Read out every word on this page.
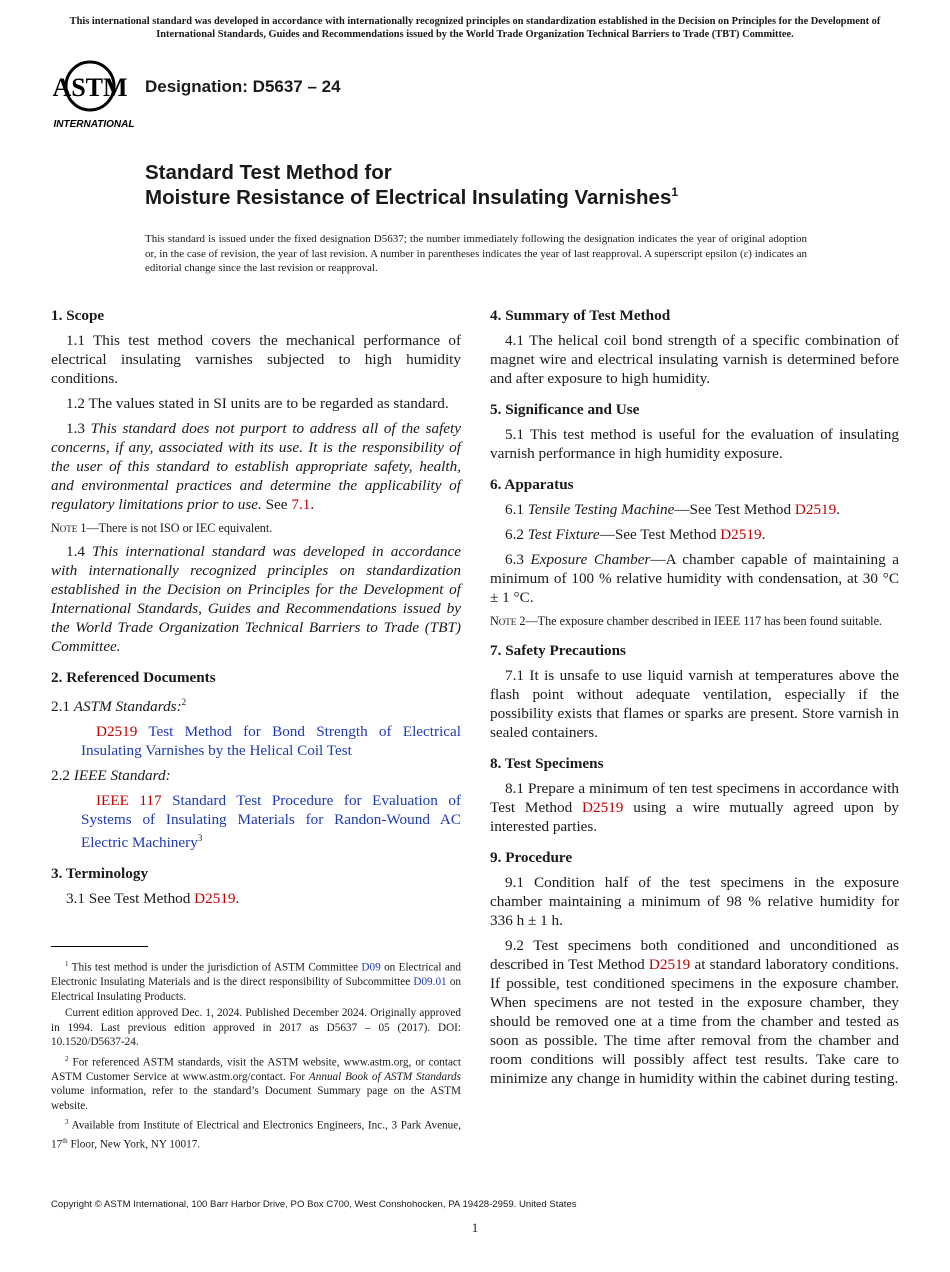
This international standard was developed in accordance with internationally recognized principles on standardization established in the Decision on Principles for the Development of International Standards, Guides and Recommendations issued by the World Trade Organization Technical Barriers to Trade (TBT) Committee.
ASTM
INTERNATIONAL
Designation: D5637 – 24
Standard Test Method for
Moisture Resistance of Electrical Insulating Varnishes$^1$
This standard is issued under the fixed designation D5637; the number immediately following the designation indicates the year of original adoption or, in the case of revision, the year of last revision. A number in parentheses indicates the year of last reapproval. A superscript epsilon (ε) indicates an editorial change since the last revision or reapproval.
1. Scope

1.1 This test method covers the mechanical performance of electrical insulating varnishes subjected to high humidity conditions.

1.2 The values stated in SI units are to be regarded as standard.

1.3 This standard does not purport to address all of the safety concerns, if any, associated with its use. It is the responsibility of the user of this standard to establish appropriate safety, health, and environmental practices and determine the applicability of regulatory limitations prior to use. See 7.1.

Note 1—There is not ISO or IEC equivalent.

1.4 This international standard was developed in accordance with internationally recognized principles on standardization established in the Decision on Principles for the Development of International Standards, Guides and Recommendations issued by the World Trade Organization Technical Barriers to Trade (TBT) Committee.

2. Referenced Documents

2.1 ASTM Standards:$^2$

D2519 Test Method for Bond Strength of Electrical Insulating Varnishes by the Helical Coil Test

2.2 IEEE Standard:

IEEE 117 Standard Test Procedure for Evaluation of Systems of Insulating Materials for Randon-Wound AC Electric Machinery$^3$

3. Terminology

3.1 See Test Method D2519.

$^1$ This test method is under the jurisdiction of ASTM Committee D09 on Electrical and Electronic Insulating Materials and is the direct responsibility of Subcommittee D09.01 on Electrical Insulating Products.

Current edition approved Dec. 1, 2024. Published December 2024. Originally approved in 1994. Last previous edition approved in 2017 as D5637 – 05 (2017). DOI: 10.1520/D5637-24.

$^2$ For referenced ASTM standards, visit the ASTM website, www.astm.org, or contact ASTM Customer Service at www.astm.org/contact. For Annual Book of ASTM Standards volume information, refer to the standard’s Document Summary page on the ASTM website.

$^3$ Available from Institute of Electrical and Electronics Engineers, Inc., 3 Park Avenue, 17th Floor, New York, NY 10017.

4. Summary of Test Method

4.1 The helical coil bond strength of a specific combination of magnet wire and electrical insulating varnish is determined before and after exposure to high humidity.

5. Significance and Use

5.1 This test method is useful for the evaluation of insulating varnish performance in high humidity exposure.

6. Apparatus

6.1 Tensile Testing Machine—See Test Method D2519.

6.2 Test Fixture—See Test Method D2519.

6.3 Exposure Chamber—A chamber capable of maintaining a minimum of 100 % relative humidity with condensation, at 30 °C ± 1 °C.

Note 2—The exposure chamber described in IEEE 117 has been found suitable.

7. Safety Precautions

7.1 It is unsafe to use liquid varnish at temperatures above the flash point without adequate ventilation, especially if the possibility exists that flames or sparks are present. Store varnish in sealed containers.

8. Test Specimens

8.1 Prepare a minimum of ten test specimens in accordance with Test Method D2519 using a wire mutually agreed upon by interested parties.

9. Procedure

9.1 Condition half of the test specimens in the exposure chamber maintaining a minimum of 98 % relative humidity for 336 h ± 1 h.

9.2 Test specimens both conditioned and unconditioned as described in Test Method D2519 at standard laboratory conditions. If possible, test conditioned specimens in the exposure chamber. When specimens are not tested in the exposure chamber, they should be removed one at a time from the chamber and tested as soon as possible. The time after removal from the chamber and room conditions will possibly affect test results. Take care to minimize any change in humidity within the cabinet during testing.

Copyright © ASTM International, 100 Barr Harbor Drive, PO Box C700, West Conshohocken, PA 19428-2959. United States
1
